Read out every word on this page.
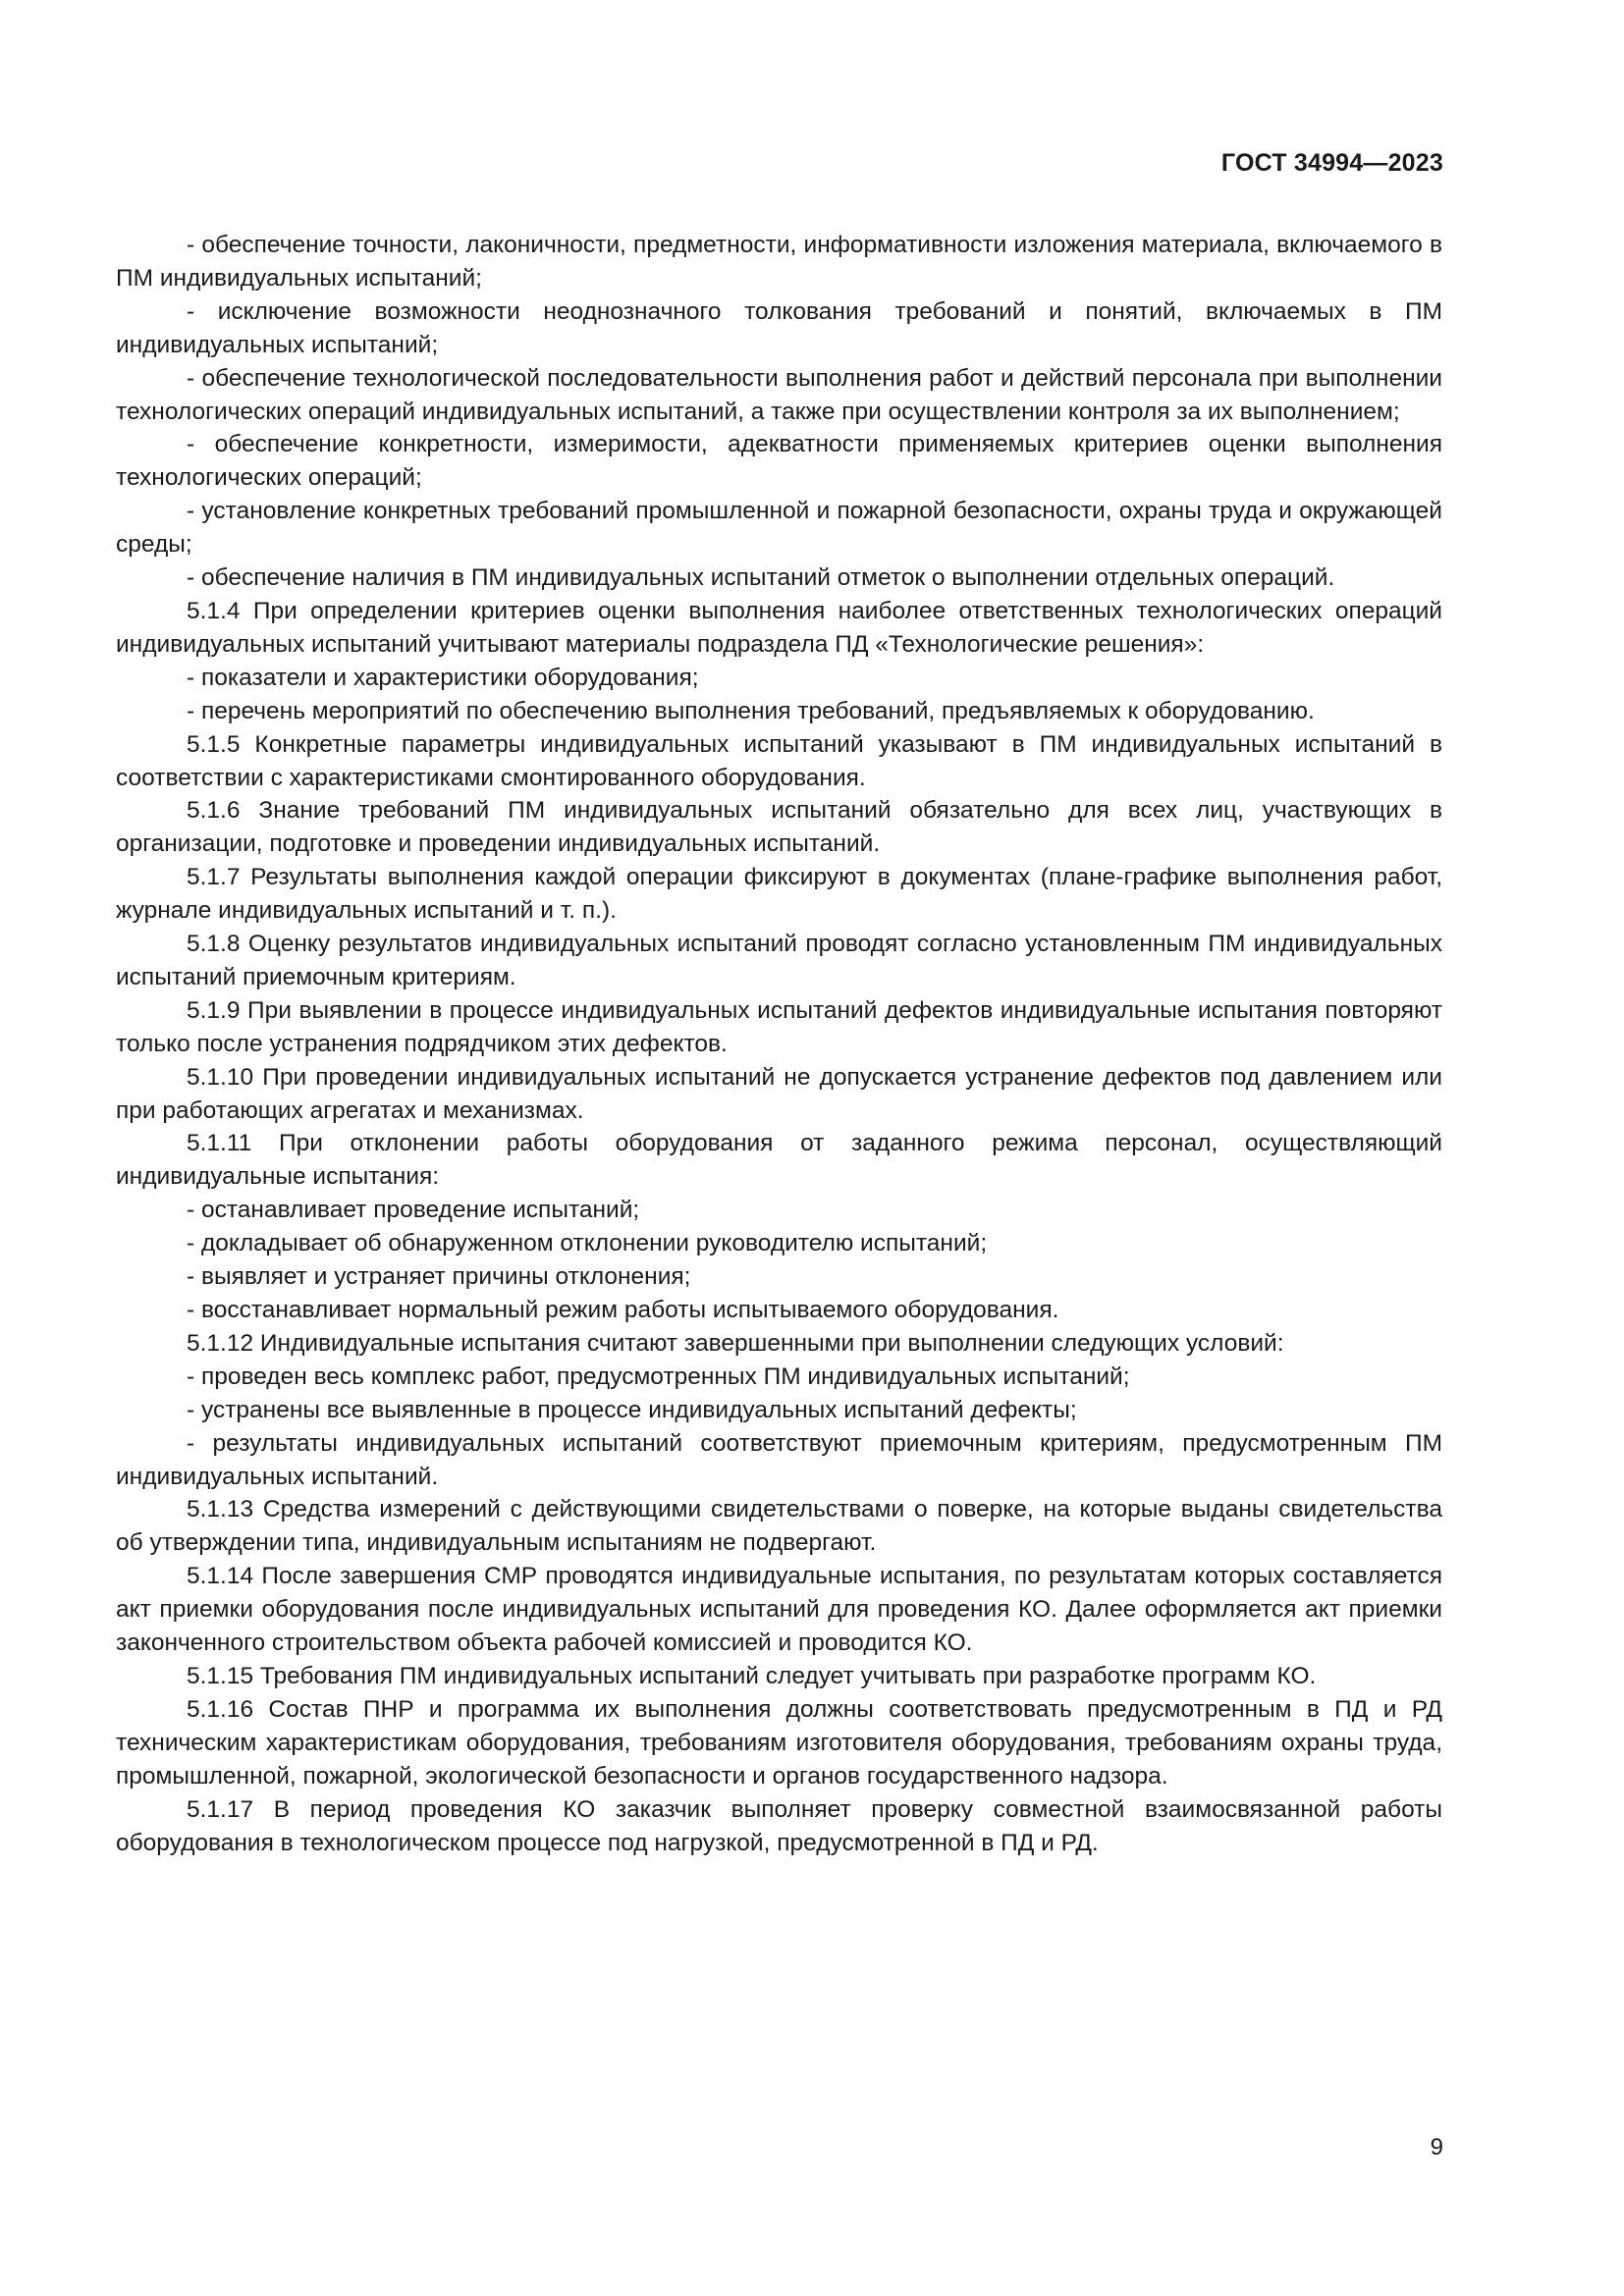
ГОСТ 34994—2023

- обеспечение точности, лаконичности, предметности, информативности изложения материала, включаемого в ПМ индивидуальных испытаний;

- исключение возможности неоднозначного толкования требований и понятий, включаемых в ПМ индивидуальных испытаний;

- обеспечение технологической последовательности выполнения работ и действий персонала при выполнении технологических операций индивидуальных испытаний, а также при осуществлении контроля за их выполнением;

- обеспечение конкретности, измеримости, адекватности применяемых критериев оценки выполнения технологических операций;

- установление конкретных требований промышленной и пожарной безопасности, охраны труда и окружающей среды;

- обеспечение наличия в ПМ индивидуальных испытаний отметок о выполнении отдельных операций.

5.1.4 При определении критериев оценки выполнения наиболее ответственных технологических операций индивидуальных испытаний учитывают материалы подраздела ПД «Технологические решения»:

- показатели и характеристики оборудования;

- перечень мероприятий по обеспечению выполнения требований, предъявляемых к оборудованию.

5.1.5 Конкретные параметры индивидуальных испытаний указывают в ПМ индивидуальных испытаний в соответствии с характеристиками смонтированного оборудования.

5.1.6 Знание требований ПМ индивидуальных испытаний обязательно для всех лиц, участвующих в организации, подготовке и проведении индивидуальных испытаний.

5.1.7 Результаты выполнения каждой операции фиксируют в документах (плане-графике выполнения работ, журнале индивидуальных испытаний и т. п.).

5.1.8 Оценку результатов индивидуальных испытаний проводят согласно установленным ПМ индивидуальных испытаний приемочным критериям.

5.1.9 При выявлении в процессе индивидуальных испытаний дефектов индивидуальные испытания повторяют только после устранения подрядчиком этих дефектов.

5.1.10 При проведении индивидуальных испытаний не допускается устранение дефектов под давлением или при работающих агрегатах и механизмах.

5.1.11 При отклонении работы оборудования от заданного режима персонал, осуществляющий индивидуальные испытания:

- останавливает проведение испытаний;

- докладывает об обнаруженном отклонении руководителю испытаний;

- выявляет и устраняет причины отклонения;

- восстанавливает нормальный режим работы испытываемого оборудования.

5.1.12 Индивидуальные испытания считают завершенными при выполнении следующих условий:

- проведен весь комплекс работ, предусмотренных ПМ индивидуальных испытаний;

- устранены все выявленные в процессе индивидуальных испытаний дефекты;

- результаты индивидуальных испытаний соответствуют приемочным критериям, предусмотренным ПМ индивидуальных испытаний.

5.1.13 Средства измерений с действующими свидетельствами о поверке, на которые выданы свидетельства об утверждении типа, индивидуальным испытаниям не подвергают.

5.1.14 После завершения СМР проводятся индивидуальные испытания, по результатам которых составляется акт приемки оборудования после индивидуальных испытаний для проведения КО. Далее оформляется акт приемки законченного строительством объекта рабочей комиссией и проводится КО.

5.1.15 Требования ПМ индивидуальных испытаний следует учитывать при разработке программ КО.

5.1.16 Состав ПНР и программа их выполнения должны соответствовать предусмотренным в ПД и РД техническим характеристикам оборудования, требованиям изготовителя оборудования, требованиям охраны труда, промышленной, пожарной, экологической безопасности и органов государственного надзора.

5.1.17 В период проведения КО заказчик выполняет проверку совместной взаимосвязанной работы оборудования в технологическом процессе под нагрузкой, предусмотренной в ПД и РД.

9
